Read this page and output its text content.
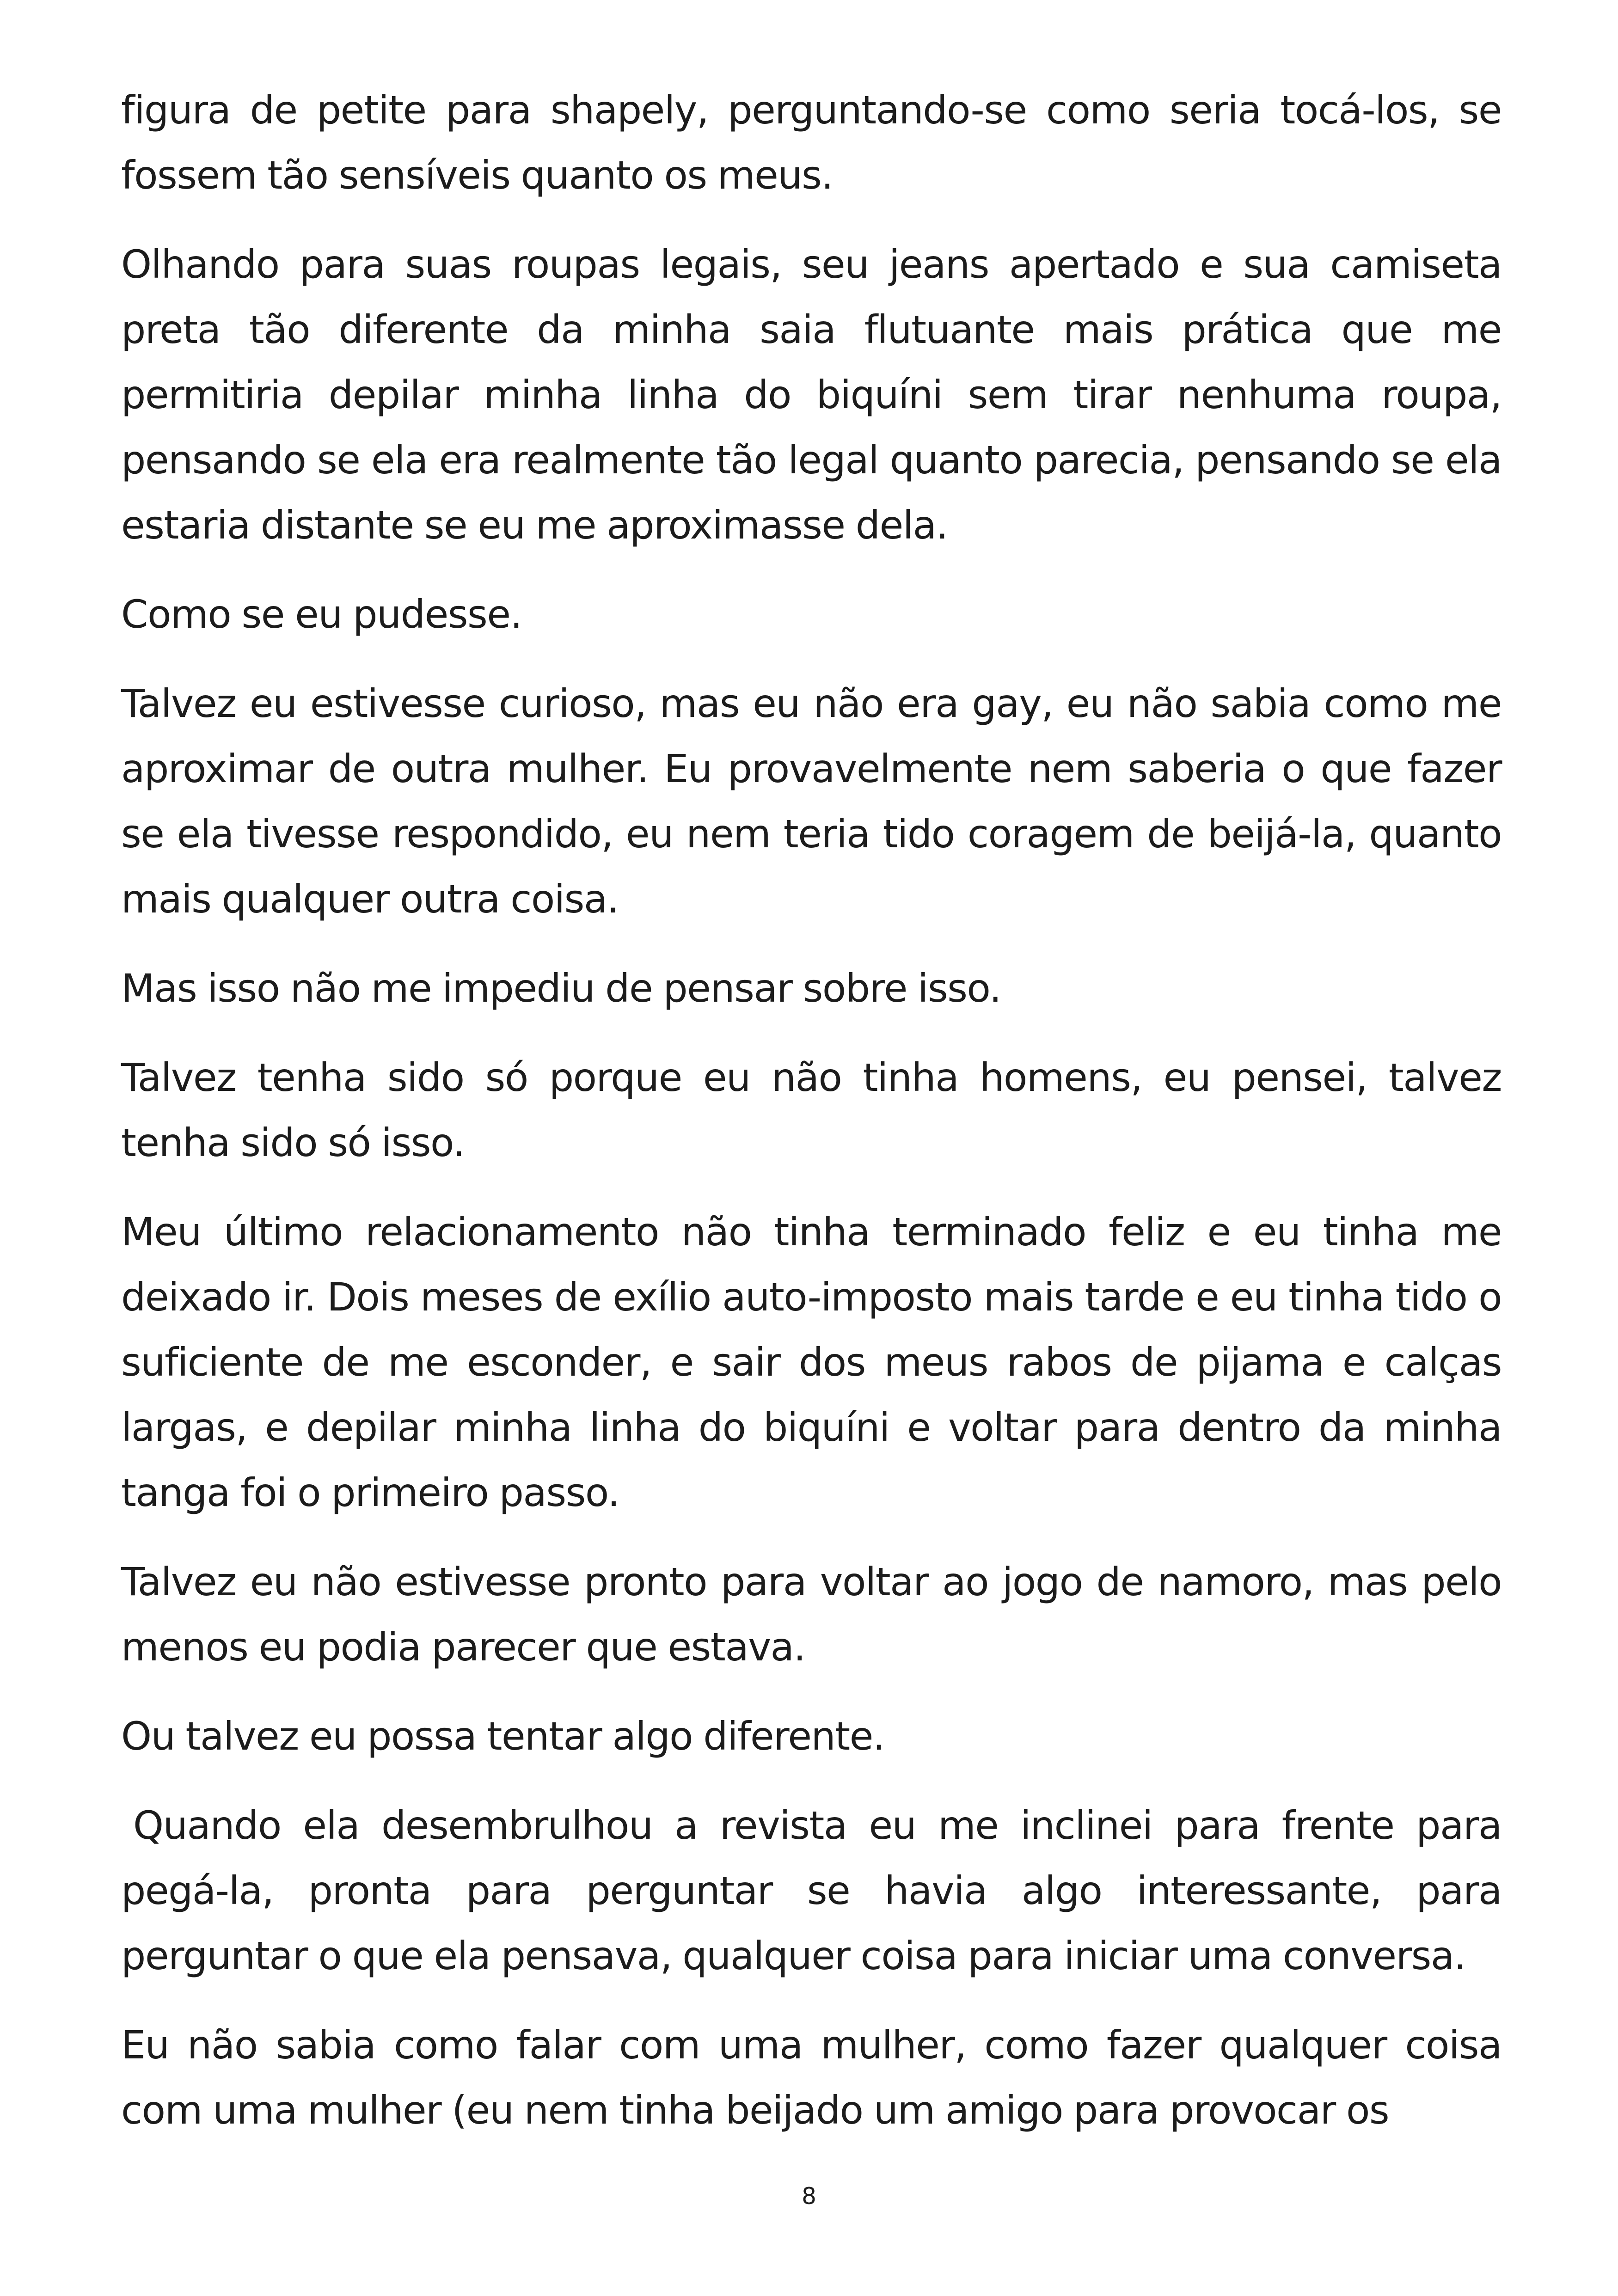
figura de petite para shapely, perguntando-se como seria tocá-los, se fossem tão sensíveis quanto os meus.

Olhando para suas roupas legais, seu jeans apertado e sua camiseta preta tão diferente da minha saia flutuante mais prática que me permitiria depilar minha linha do biquíni sem tirar nenhuma roupa, pensando se ela era realmente tão legal quanto parecia, pensando se ela estaria distante se eu me aproximasse dela.

Como se eu pudesse.

Talvez eu estivesse curioso, mas eu não era gay, eu não sabia como me aproximar de outra mulher. Eu provavelmente nem saberia o que fazer se ela tivesse respondido, eu nem teria tido coragem de beijá-la, quanto mais qualquer outra coisa.

Mas isso não me impediu de pensar sobre isso.

Talvez tenha sido só porque eu não tinha homens, eu pensei, talvez tenha sido só isso.

Meu último relacionamento não tinha terminado feliz e eu tinha me deixado ir. Dois meses de exílio auto-imposto mais tarde e eu tinha tido o suficiente de me esconder, e sair dos meus rabos de pijama e calças largas, e depilar minha linha do biquíni e voltar para dentro da minha tanga foi o primeiro passo.

Talvez eu não estivesse pronto para voltar ao jogo de namoro, mas pelo menos eu podia parecer que estava.

Ou talvez eu possa tentar algo diferente.

Quando ela desembrulhou a revista eu me inclinei para frente para pegá-la, pronta para perguntar se havia algo interessante, para perguntar o que ela pensava, qualquer coisa para iniciar uma conversa.

Eu não sabia como falar com uma mulher, como fazer qualquer coisa com uma mulher (eu nem tinha beijado um amigo para provocar os

8
